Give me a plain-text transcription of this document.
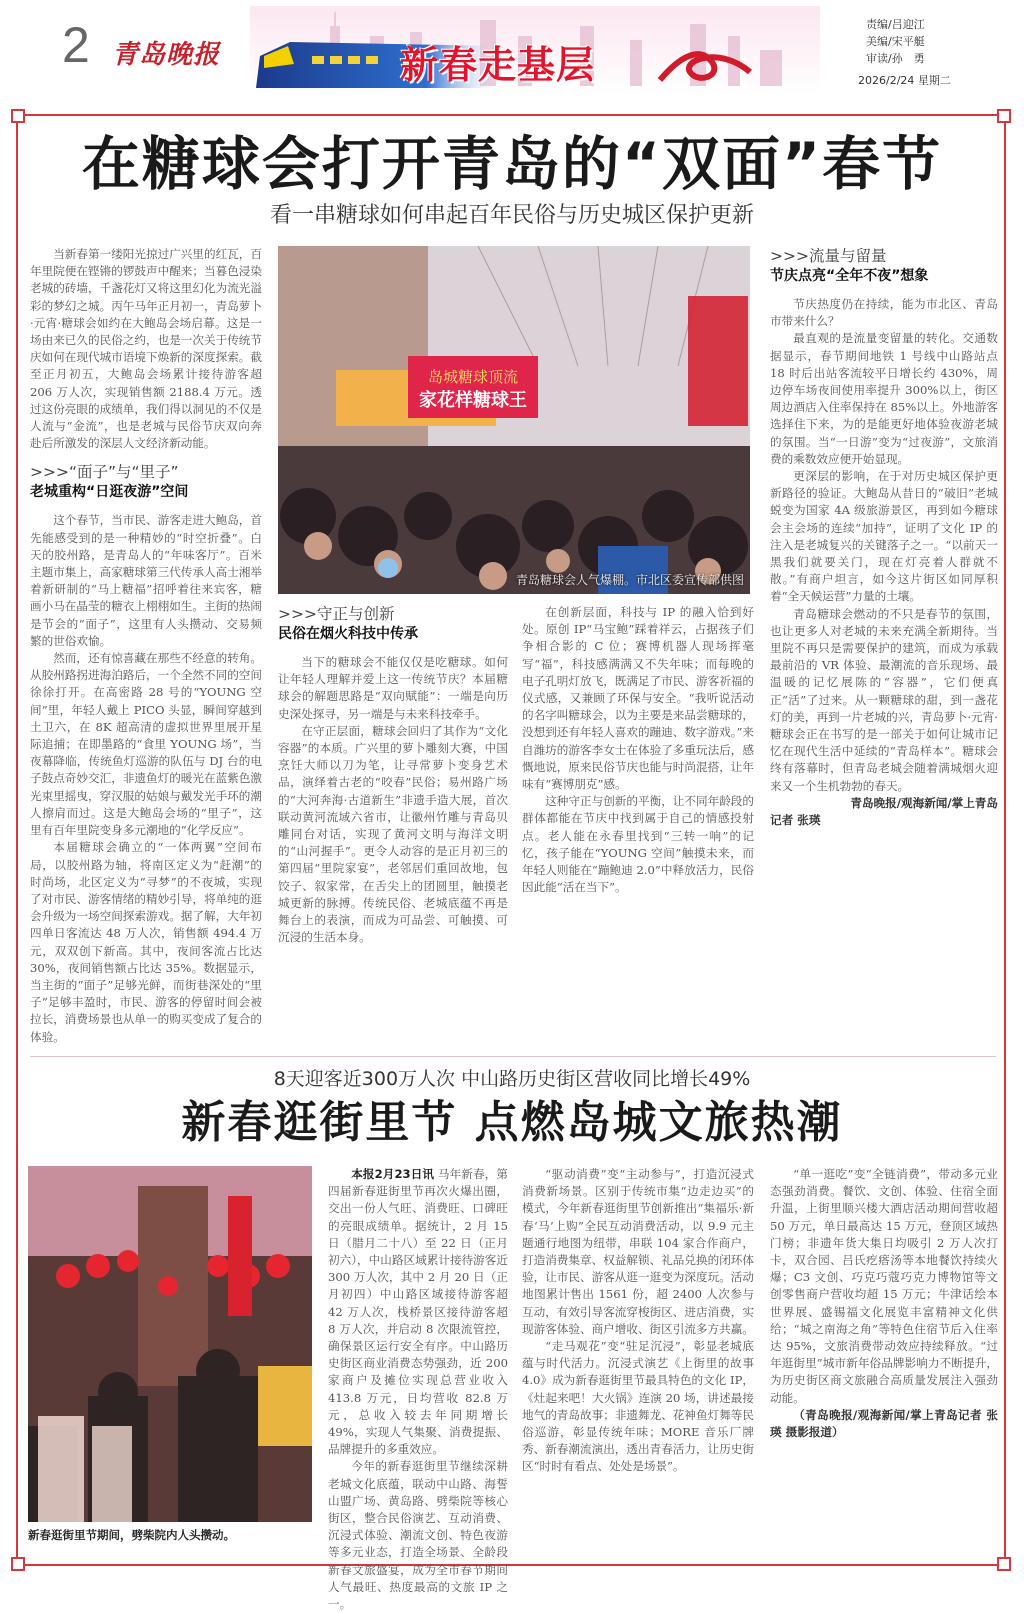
2 青岛晚报	新春走基层
责编/吕迎江
美编/宋平艇
审读/孙　勇
2026/2/24 星期二
在糖球会打开青岛的“双面”春节
看一串糖球如何串起百年民俗与历史城区保护更新

当新春第一缕阳光掠过广兴里的红瓦，百年里院便在铿锵的锣鼓声中醒来；当暮色浸染老城的砖墙，千盏花灯又将这里幻化为流光溢彩的梦幻之城。丙午马年正月初一，青岛萝卜·元宵·糖球会如约在大鲍岛会场启幕。这是一场由来已久的民俗之约，也是一次关于传统节庆如何在现代城市语境下焕新的深度探索。截至正月初五，大鲍岛会场累计接待游客超 206 万人次，实现销售额 2188.4 万元。透过这份亮眼的成绩单，我们得以洞见的不仅是人流与“金流”，也是老城与民俗节庆双向奔赴后所激发的深层人文经济新动能。

>>>“面子”与“里子”
老城重构“日逛夜游”空间

这个春节，当市民、游客走进大鲍岛，首先能感受到的是一种精妙的“时空折叠”。白天的胶州路，是青岛人的“年味客厅”。百米主题市集上，高家糖球第三代传承人高士湘举着新研制的“马上糖福”招呼着往来宾客，糖画小马在晶莹的糖衣上栩栩如生。主街的热闹是节会的“面子”，这里有人头攒动、交易频繁的世俗欢愉。

然而，还有惊喜藏在那些不经意的转角。从胶州路拐进海泊路后，一个全然不同的空间徐徐打开。在高密路 28 号的“YOUNG 空间”里，年轻人戴上 PICO 头显，瞬间穿越到土卫六，在 8K 超高清的虚拟世界里展开星际追捕；在即墨路的“食里 YOUNG 场”，当夜幕降临，传统鱼灯巡游的队伍与 DJ 台的电子鼓点奇妙交汇，非遗鱼灯的暖光在蓝紫色激光束里摇曳，穿汉服的姑娘与戴发光手环的潮人擦肩而过。这是大鲍岛会场的“里子”，这里有百年里院变身多元潮地的“化学反应”。

本届糖球会确立的“一体两翼”空间布局，以胶州路为轴，将南区定义为“赶潮”的时尚场，北区定义为“寻梦”的不夜城，实现了对市民、游客情绪的精妙引导，将单纯的逛会升级为一场空间探索游戏。据了解，大年初四单日客流达 48 万人次，销售额 494.4 万元，双双创下新高。其中，夜间客流占比达 30%，夜间销售额占比达 35%。数据显示，当主街的“面子”足够光鲜，而街巷深处的“里子”足够丰盈时，市民、游客的停留时间会被拉长，消费场景也从单一的购买变成了复合的体验。

岛城糖球顶流
家花样糖球王
青岛糖球会人气爆棚。市北区委宣传部供图
>>>守正与创新
民俗在烟火科技中传承

当下的糖球会不能仅仅是吃糖球。如何让年轻人理解并爱上这一传统节庆？本届糖球会的解题思路是“双向赋能”：一端是向历史深处探寻，另一端是与未来科技牵手。

在守正层面，糖球会回归了其作为“文化容器”的本质。广兴里的萝卜雕刻大赛，中国烹饪大师以刀为笔，让寻常萝卜变身艺术品，演绎着古老的“咬春”民俗；易州路广场的“大河奔海·古道新生”非遗手造大展，首次联动黄河流域六省市，让徽州竹雕与青岛贝雕同台对话，实现了黄河文明与海洋文明的“山河握手”。更令人动容的是正月初三的第四届“里院家宴”，老邻居们重回故地，包饺子、叙家常，在舌尖上的团圆里，触摸老城更新的脉搏。传统民俗、老城底蕴不再是舞台上的表演，而成为可品尝、可触摸、可沉浸的生活本身。

在创新层面，科技与 IP 的融入恰到好处。原创 IP“马宝鲍”踩着祥云，占据孩子们争相合影的 C 位；赛博机器人现场挥毫写“福”，科技感满满又不失年味；而每晚的电子孔明灯放飞，既满足了市民、游客祈福的仪式感，又兼顾了环保与安全。“我听说活动的名字叫糖球会，以为主要是来品尝糖球的，没想到还有年轻人喜欢的蹦迪、数字游戏。”来自潍坊的游客李女士在体验了多重玩法后，感慨地说，原来民俗节庆也能与时尚混搭，让年味有“赛博朋克”感。

这种守正与创新的平衡，让不同年龄段的群体都能在节庆中找到属于自己的情感投射点。老人能在永春里找到“三转一响”的记忆，孩子能在“YOUNG 空间”触摸未来，而年轻人则能在“蹦鲍迪 2.0”中释放活力，民俗因此能“活在当下”。

>>>流量与留量
节庆点亮“全年不夜”想象

节庆热度仍在持续，能为市北区、青岛市带来什么？

最直观的是流量变留量的转化。交通数据显示，春节期间地铁 1 号线中山路站点 18 时后出站客流较平日增长约 430%，周边停车场夜间使用率提升 300%以上，街区周边酒店入住率保持在 85%以上。外地游客选择住下来，为的是能更好地体验夜游老城的氛围。当“一日游”变为“过夜游”，文旅消费的乘数效应便开始显现。

更深层的影响，在于对历史城区保护更新路径的验证。大鲍岛从昔日的“破旧”老城蜕变为国家 4A 级旅游景区，再到如今糖球会主会场的连续“加持”，证明了文化 IP 的注入是老城复兴的关键落子之一。“以前天一黑我们就要关门，现在灯亮着人群就不散。”有商户坦言，如今这片街区如同厚积着“全天候运营”力量的土壤。

青岛糖球会燃动的不只是春节的氛围，也让更多人对老城的未来充满全新期待。当里院不再只是需要保护的建筑，而成为承载最前沿的 VR 体验、最潮流的音乐现场、最温暖的记忆展陈的“容器”，它们便真正“活”了过来。从一颗糖球的甜，到一盏花灯的美，再到一片老城的兴，青岛萝卜·元宵·糖球会正在书写的是一部关于如何让城市记忆在现代生活中延续的“青岛样本”。糖球会终有落幕时，但青岛老城会随着满城烟火迎来又一个生机勃勃的春天。

青岛晚报/观海新闻/掌上青岛
记者 张瑛
8天迎客近300万人次 中山路历史街区营收同比增长49%
新春逛街里节 点燃岛城文旅热潮
新春逛街里节期间，劈柴院内人头攒动。

本报2月23日讯 马年新春，第四届新春逛街里节再次火爆出圈，交出一份人气旺、消费旺、口碑旺的亮眼成绩单。据统计，2 月 15 日（腊月二十八）至 22 日（正月初六），中山路区域累计接待游客近 300 万人次，其中 2 月 20 日（正月初四）中山路区域接待游客超 42 万人次，栈桥景区接待游客超 8 万人次，并启动 8 次限流管控，确保景区运行安全有序。中山路历史街区商业消费态势强劲，近 200 家商户及摊位实现总营业收入 413.8 万元，日均营收 82.8 万元，总收入较去年同期增长 49%，实现人气集聚、消费提振、品牌提升的多重效应。

今年的新春逛街里节继续深耕老城文化底蕴，联动中山路、海誓山盟广场、黄岛路、劈柴院等核心街区，整合民俗演艺、互动消费、沉浸式体验、潮流文创、特色夜游等多元业态，打造全场景、全龄段新春文旅盛宴，成为全市春节期间人气最旺、热度最高的文旅 IP 之一。

“驱动消费”变“主动参与”，打造沉浸式消费新场景。区别于传统市集“边走边买”的模式，今年新春逛街里节创新推出“集福乐·新春‘马’上购”全民互动消费活动，以 9.9 元主题通行地图为纽带，串联 104 家合作商户，打造消费集章、权益解锁、礼品兑换的闭环体验，让市民、游客从逛一逛变为深度玩。活动地图累计售出 1561 份，超 2400 人次参与互动，有效引导客流穿梭街区、进店消费，实现游客体验、商户增收、街区引流多方共赢。

“走马观花”变“驻足沉浸”，彰显老城底蕴与时代活力。沉浸式演艺《上街里的故事 4.0》成为新春逛街里节最具特色的文化 IP，《灶起来吧！大火锅》连演 20 场，讲述最接地气的青岛故事；非遗舞龙、花神鱼灯舞等民俗巡游，彰显传统年味；MORE 音乐厂牌秀、新春潮流演出，透出青春活力，让历史街区“时时有看点、处处是场景”。

“单一逛吃”变“全链消费”，带动多元业态强劲消费。餐饮、文创、体验、住宿全面升温，上街里顺兴楼大酒店活动期间营收超 50 万元，单日最高达 15 万元，登顶区域热门榜；非遗年货大集日均吸引 2 万人次打卡，双合园、吕氏疙瘩汤等本地餐饮持续火爆；C3 文创、巧克巧蔻巧克力博物馆等文创零售商户营收均超 15 万元；牛津话绘本世界展、盛锡福文化展览丰富精神文化供给；“城之南海之角”等特色住宿节后入住率达 95%，文旅消费带动效应持续释放。“过年逛街里”城市新年俗品牌影响力不断提升，为历史街区商文旅融合高质量发展注入强劲动能。

（青岛晚报/观海新闻/掌上青岛记者 张瑛 摄影报道）
